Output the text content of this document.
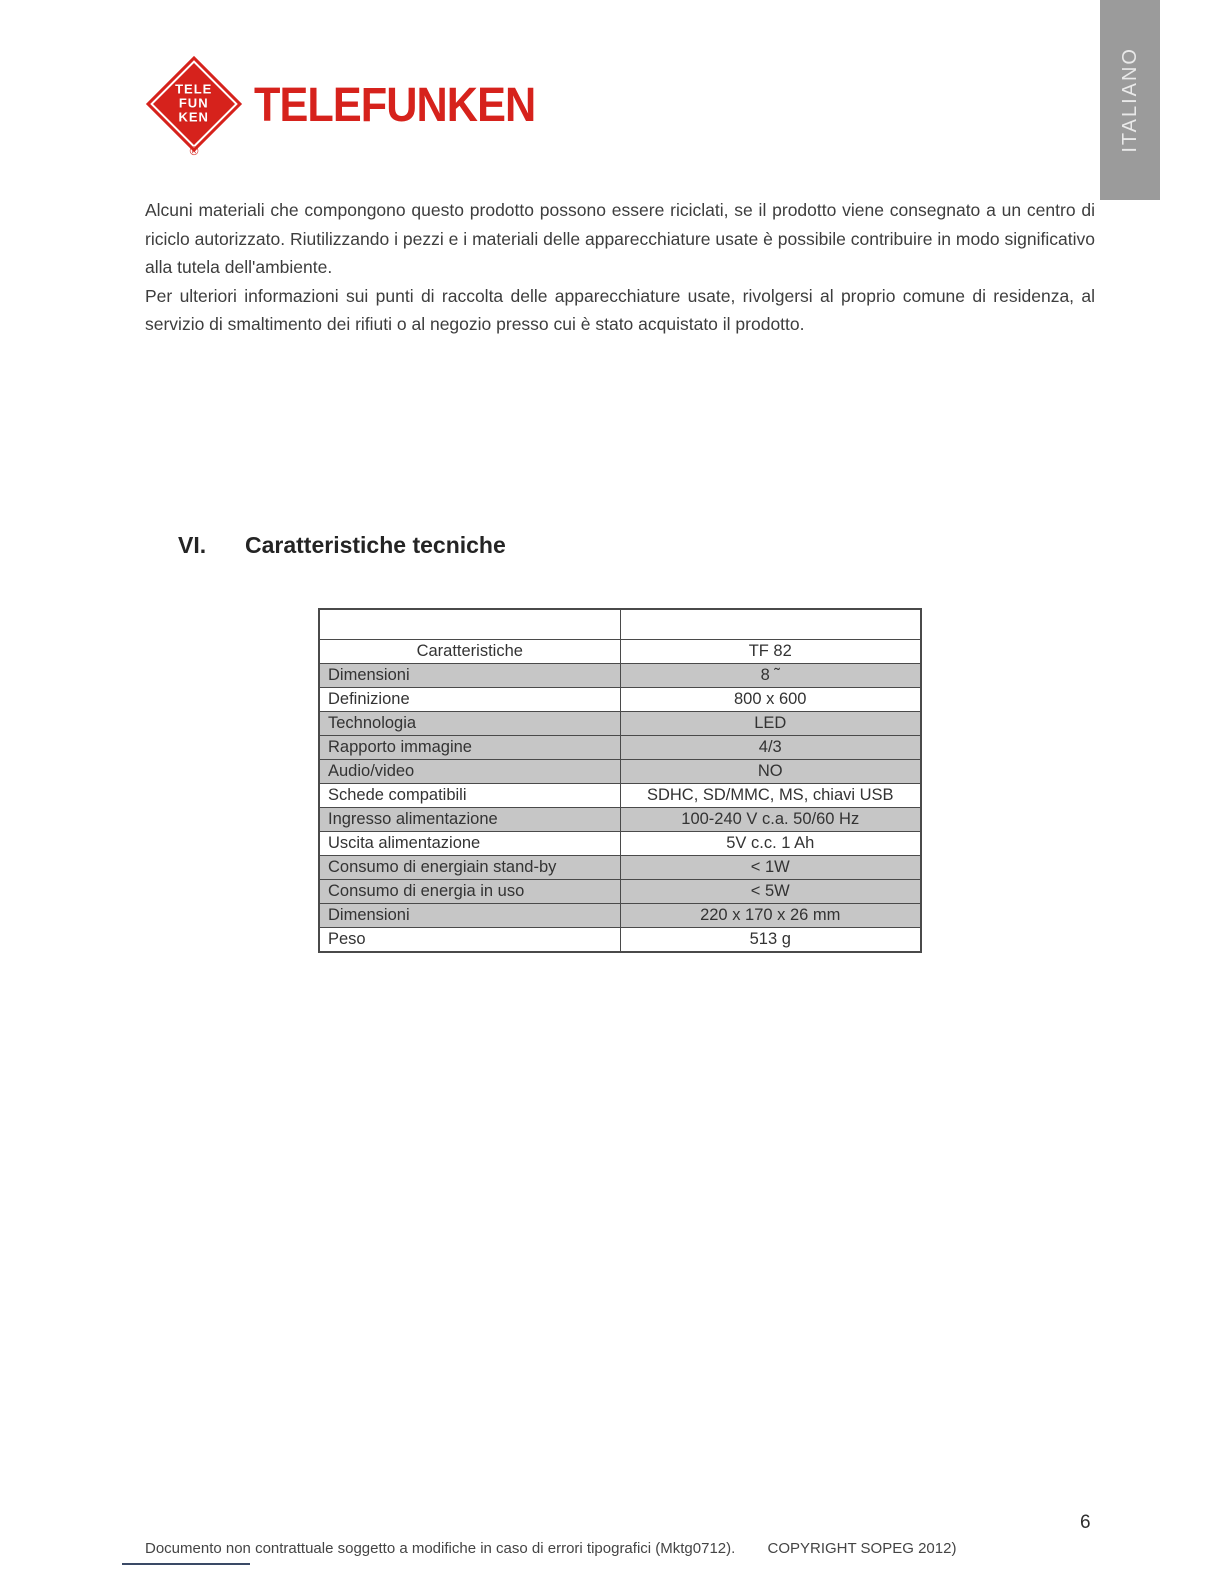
ITALIANO
TELE
FUN
KEN
®
TELEFUNKEN

Alcuni materiali che compongono questo prodotto possono essere riciclati, se il prodotto viene consegnato a un centro di riciclo autorizzato. Riutilizzando i pezzi e i materiali delle apparecchiature usate è possibile contribuire in modo significativo alla tutela dell'ambiente.

Per ulteriori informazioni sui punti di raccolta delle apparecchiature usate, rivolgersi al proprio comune di residenza, al servizio di smaltimento dei rifiuti o al negozio presso cui è stato acquistato il prodotto.

VI.	Caratteristiche tecniche

Caratteristiche	TF 82
Dimensioni	8 ˜
Definizione	800 x 600
Technologia	LED
Rapporto immagine	4/3
Audio/video	NO
Schede compatibili	SDHC, SD/MMC, MS, chiavi USB
Ingresso alimentazione	100-240 V c.a. 50/60 Hz
Uscita alimentazione	5V c.c. 1 Ah
Consumo di energiain stand-by	< 1W
Consumo di energia in uso	< 5W
Dimensioni	220 x 170 x 26 mm
Peso	513 g
6
Documento non contrattuale soggetto a modifiche in caso di errori tipografici (Mktg0712). COPYRIGHT SOPEG 2012)
